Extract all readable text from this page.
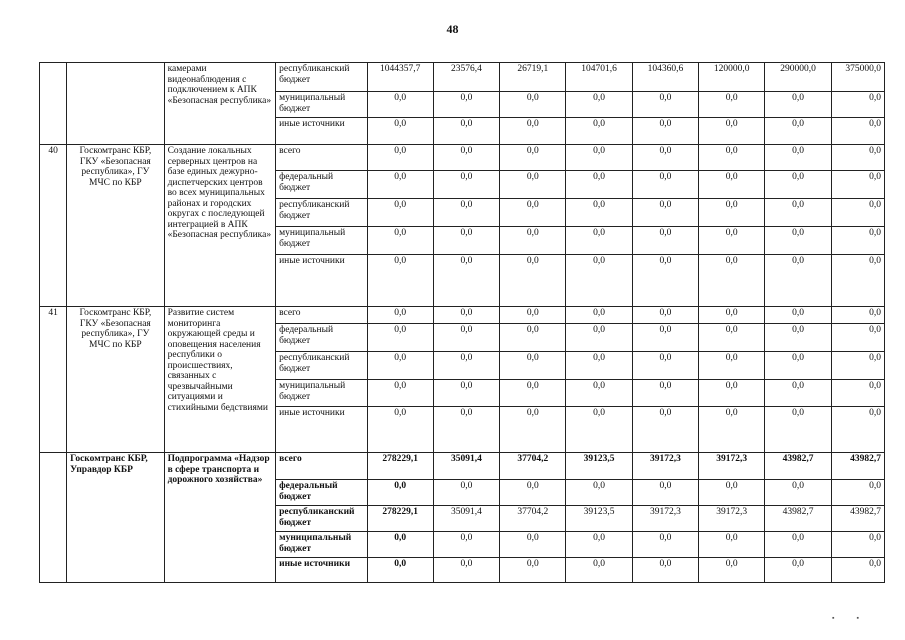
48
		камерами видеонаблюдения с подключением к АПК «Безопасная республика»	республиканский бюджет	1044357,7	23576,4	26719,1	104701,6	104360,6	120000,0	290000,0	375000,0
			муниципальный бюджет	0,0	0,0	0,0	0,0	0,0	0,0	0,0	0,0
			иные источники	0,0	0,0	0,0	0,0	0,0	0,0	0,0	0,0
40	Госкомтранс КБР, ГКУ «Безопасная республика», ГУ МЧС по КБР	Создание локальных серверных центров на базе единых дежурно-диспетчерских центров во всех муниципальных районах и городских округах с последующей интеграцией в АПК «Безопасная республика»	всего	0,0	0,0	0,0	0,0	0,0	0,0	0,0	0,0
			федеральный бюджет	0,0	0,0	0,0	0,0	0,0	0,0	0,0	0,0
			республиканский бюджет	0,0	0,0	0,0	0,0	0,0	0,0	0,0	0,0
			муниципальный бюджет	0,0	0,0	0,0	0,0	0,0	0,0	0,0	0,0
			иные источники	0,0	0,0	0,0	0,0	0,0	0,0	0,0	0,0
41	Госкомтранс КБР, ГКУ «Безопасная республика», ГУ МЧС по КБР	Развитие систем мониторинга окружающей среды и оповещения населения республики о происшествиях, связанных с чрезвычайными ситуациями и стихийными бедствиями	всего	0,0	0,0	0,0	0,0	0,0	0,0	0,0	0,0
			федеральный бюджет	0,0	0,0	0,0	0,0	0,0	0,0	0,0	0,0
			республиканский бюджет	0,0	0,0	0,0	0,0	0,0	0,0	0,0	0,0
			муниципальный бюджет	0,0	0,0	0,0	0,0	0,0	0,0	0,0	0,0
			иные источники	0,0	0,0	0,0	0,0	0,0	0,0	0,0	0,0
	Госкомтранс КБР, Управдор КБР	Подпрограмма «Надзор в сфере транспорта и дорожного хозяйства»	всего	278229,1	35091,4	37704,2	39123,5	39172,3	39172,3	43982,7	43982,7
			федеральный бюджет	0,0	0,0	0,0	0,0	0,0	0,0	0,0	0,0
			республиканский бюджет	278229,1	35091,4	37704,2	39123,5	39172,3	39172,3	43982,7	43982,7
			муниципальный бюджет	0,0	0,0	0,0	0,0	0,0	0,0	0,0	0,0
			иные источники	0,0	0,0	0,0	0,0	0,0	0,0	0,0	0,0
▪▪
